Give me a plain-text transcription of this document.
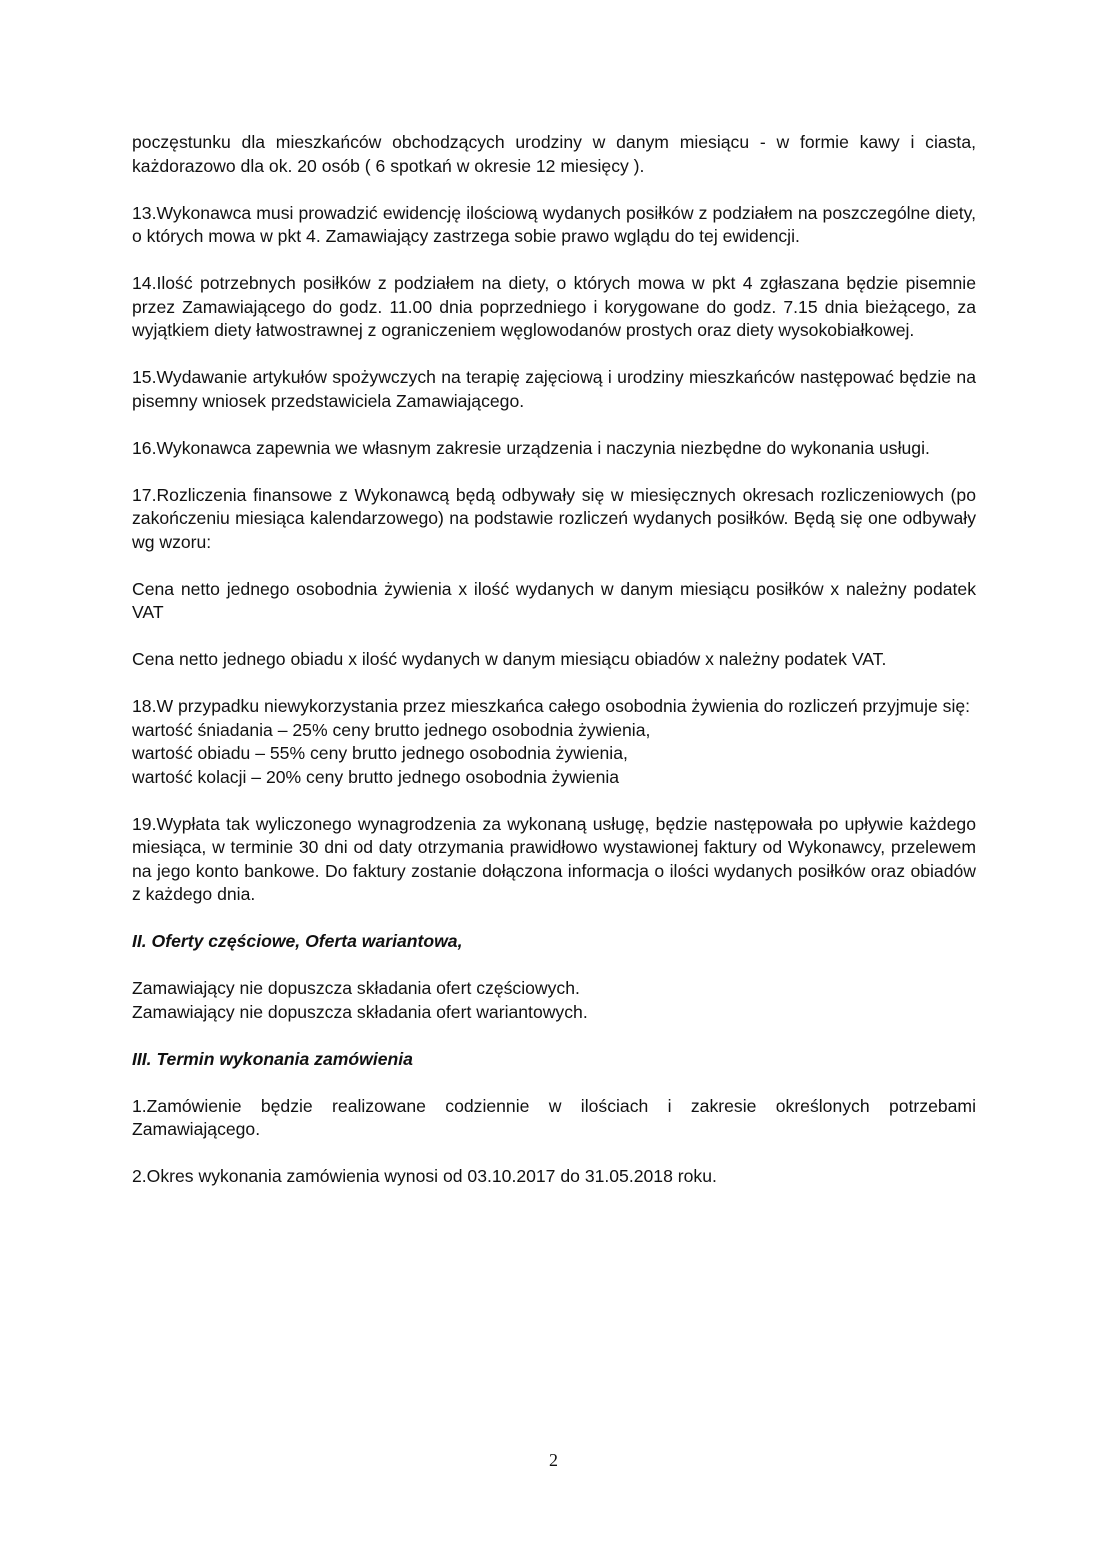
poczęstunku dla mieszkańców obchodzących urodziny w danym miesiącu - w formie kawy i ciasta, każdorazowo dla ok. 20 osób ( 6 spotkań w okresie 12 miesięcy ).

13.Wykonawca musi prowadzić ewidencję ilościową wydanych posiłków z podziałem na poszczególne diety, o których mowa w pkt 4. Zamawiający zastrzega sobie prawo wglądu do tej ewidencji.

14.Ilość potrzebnych posiłków z podziałem na diety, o których mowa w pkt 4 zgłaszana będzie pisemnie przez Zamawiającego do godz. 11.00 dnia poprzedniego i korygowane do godz. 7.15 dnia bieżącego, za wyjątkiem diety łatwostrawnej z ograniczeniem węglowodanów prostych oraz diety wysokobiałkowej.

15.Wydawanie artykułów spożywczych na terapię zajęciową i urodziny mieszkańców następować będzie na pisemny wniosek przedstawiciela Zamawiającego.

16.Wykonawca zapewnia we własnym zakresie urządzenia i naczynia niezbędne do wykonania usługi.

17.Rozliczenia finansowe z Wykonawcą będą odbywały się w miesięcznych okresach rozliczeniowych (po zakończeniu miesiąca kalendarzowego) na podstawie rozliczeń wydanych posiłków. Będą się one odbywały wg wzoru:

Cena netto jednego osobodnia żywienia x ilość wydanych w danym miesiącu posiłków x należny podatek VAT

Cena netto jednego obiadu x ilość wydanych w danym miesiącu obiadów x należny podatek VAT.

18.W przypadku niewykorzystania przez mieszkańca całego osobodnia żywienia do rozliczeń przyjmuje się:
wartość śniadania – 25% ceny brutto jednego osobodnia żywienia,
wartość obiadu – 55% ceny brutto jednego osobodnia żywienia,
wartość kolacji – 20% ceny brutto jednego osobodnia żywienia

19.Wypłata tak wyliczonego wynagrodzenia za wykonaną usługę, będzie następowała po upływie każdego miesiąca, w terminie 30 dni od daty otrzymania prawidłowo wystawionej faktury od Wykonawcy, przelewem na jego konto bankowe. Do faktury zostanie dołączona informacja o ilości wydanych posiłków oraz obiadów z każdego dnia.

II. Oferty częściowe, Oferta wariantowa,

Zamawiający nie dopuszcza składania ofert częściowych.
Zamawiający nie dopuszcza składania ofert wariantowych.

III. Termin wykonania zamówienia

1.Zamówienie będzie realizowane codziennie w ilościach i zakresie określonych potrzebami Zamawiającego.

2.Okres wykonania zamówienia wynosi od 03.10.2017 do 31.05.2018 roku.

2
